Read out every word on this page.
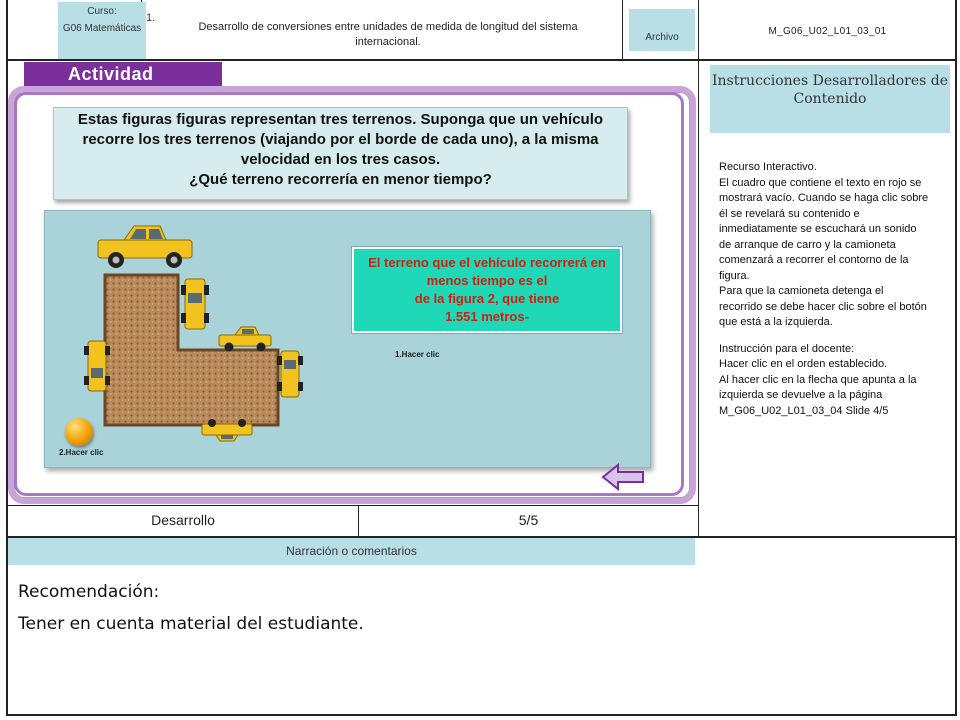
Curso:
G06 Matemáticas
1.
Desarrollo de conversiones entre unidades de medida de longitud del sistema internacional.	Archivo
M_G06_U02_L01_03_01
Actividad
Estas figuras figuras representan tres terrenos. Suponga que un vehículo recorre los tres terrenos (viajando por el borde de cada uno), a la misma velocidad en los tres casos.
¿Qué terreno recorrería en menor tiempo?
2.Hacer clic
El terreno que el vehículo recorrerá en menos tiempo es el
de la figura 2, que tiene
1.551 metros-
1.Hacer clic
Desarrollo	5/5
Instrucciones Desarrolladores de Contenido
Recurso Interactivo.
El cuadro que contiene el texto en rojo se mostrará vacío. Cuando se haga clic sobre él se revelará su contenido e inmediatamente se escuchará un sonido de arranque de carro y la camioneta comenzará a recorrer el contorno de la figura.
Para que la camioneta detenga el recorrido se debe hacer clic sobre el botón que está a la izquierda.
Instrucción para el docente:
Hacer clic en el orden establecido.
Al hacer clic en la flecha que apunta a la izquierda se devuelve a la página M_G06_U02_L01_03_04 Slide 4/5
Narración o comentarios
Recomendación:
Tener en cuenta material del estudiante.
